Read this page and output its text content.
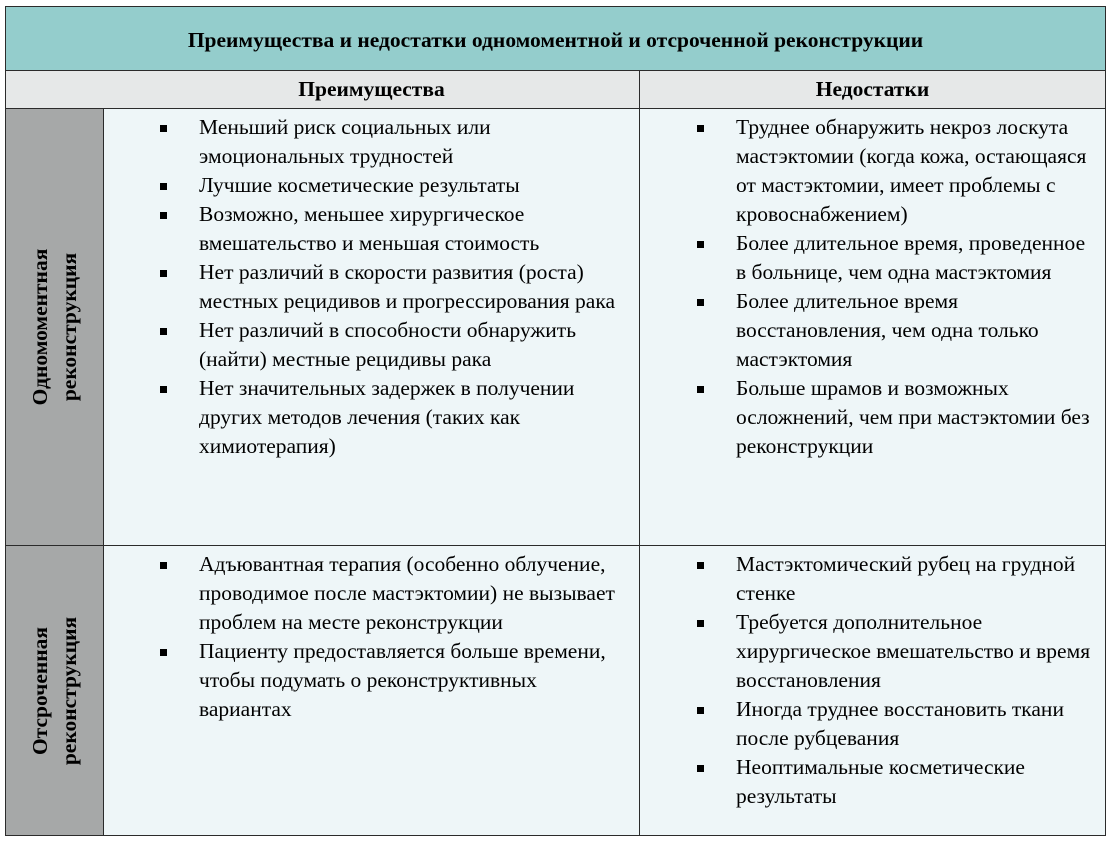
Преимущества и недостатки одномоментной и отсроченной реконструкции
Преимущества	Недостатки
Одномоментная реконструкция
Меньший риск социальных или эмоциональных трудностей
Лучшие косметические результаты
Возможно, меньшее хирургическое вмешательство и меньшая стоимость
Нет различий в скорости развития (роста) местных рецидивов и прогрессирования рака
Нет различий в способности обнаружить (найти) местные рецидивы рака
Нет значительных задержек в получении других методов лечения (таких как химиотерапия)
Труднее обнаружить некроз лоскута мастэктомии (когда кожа, остающаяся от мастэктомии, имеет проблемы с кровоснабжением)
Более длительное время, проведенное в больнице, чем одна мастэктомия
Более длительное время восстановления, чем одна только мастэктомия
Больше шрамов и возможных осложнений, чем при мастэктомии без реконструкции
Отсроченная реконструкция
Адъювантная терапия (особенно облучение, проводимое после мастэктомии) не вызывает проблем на месте реконструкции
Пациенту предоставляется больше времени, чтобы подумать о реконструктивных вариантах
Мастэктомический рубец на грудной стенке
Требуется дополнительное хирургическое вмешательство и время восстановления
Иногда труднее восстановить ткани после рубцевания
Неоптимальные косметические результаты
